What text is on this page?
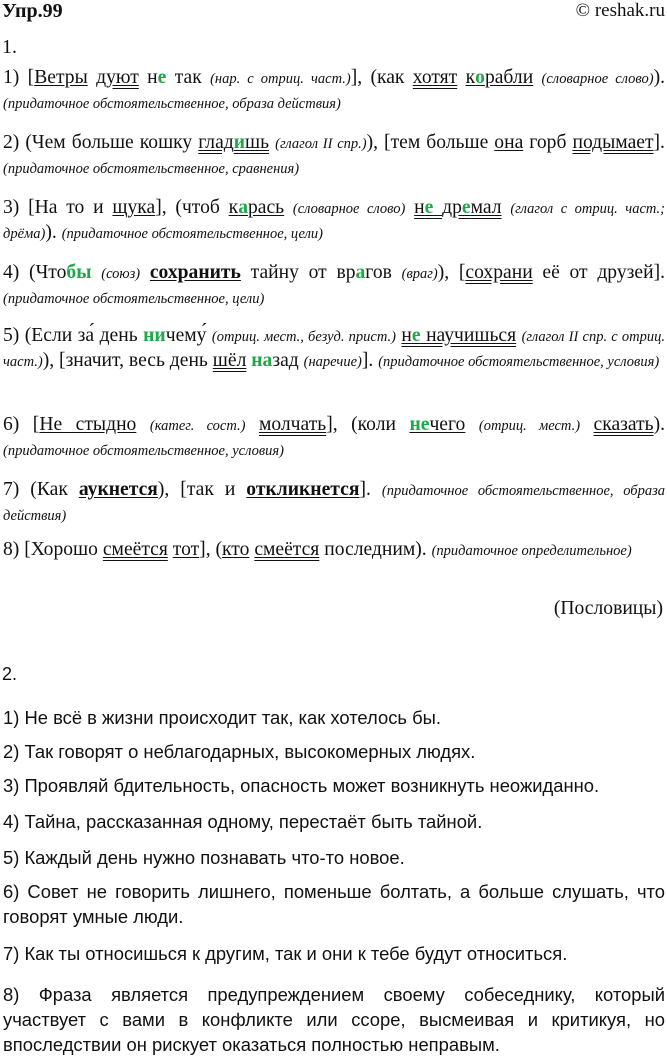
Упр.99	© reshak.ru
1.
1) [Ветры дуют не так (нар. с отриц. част.)], (как хотят корабли (словарное слово)). (придаточное обстоятельственное, образа действия)
2) (Чем больше кошку гладишь (глагол II спр.)), [тем больше она горб подымает]. (придаточное обстоятельственное, сравнения)
3) [На то и щука], (чтоб карась (словарное слово) не дремал (глагол с отриц. част.; дрёма)). (придаточное обстоятельственное, цели)
4) (Чтобы (союз) сохранить тайну от врагов (враг)), [сохрани её от друзей]. (придаточное обстоятельственное, цели)
5) (Если за́ день ничему́ (отриц. мест., безуд. прист.) не научишься (глагол II спр. с отриц. част.)), [значит, весь день шёл назад (наречие)]. (придаточное обстоятельственное, условия)
6) [Не стыдно (катег. сост.) молчать], (коли нечего (отриц. мест.) сказать). (придаточное обстоятельственное, условия)
7) (Как аукнется), [так и откликнется]. (придаточное обстоятельственное, образа действия)
8) [Хорошо смеётся тот], (кто смеётся последним). (придаточное определительное)
(Пословицы)
2.
1) Не всё в жизни происходит так, как хотелось бы.
2) Так говорят о неблагодарных, высокомерных людях.
3) Проявляй бдительность, опасность может возникнуть неожиданно.
4) Тайна, рассказанная одному, перестаёт быть тайной.
5) Каждый день нужно познавать что-то новое.
6) Совет не говорить лишнего, поменьше болтать, а больше слушать, что говорят умные люди.
7) Как ты относишься к другим, так и они к тебе будут относиться.
8) Фраза является предупреждением своему собеседнику, который участвует с вами в конфликте или ссоре, высмеивая и критикуя, но впоследствии он рискует оказаться полностью неправым.
